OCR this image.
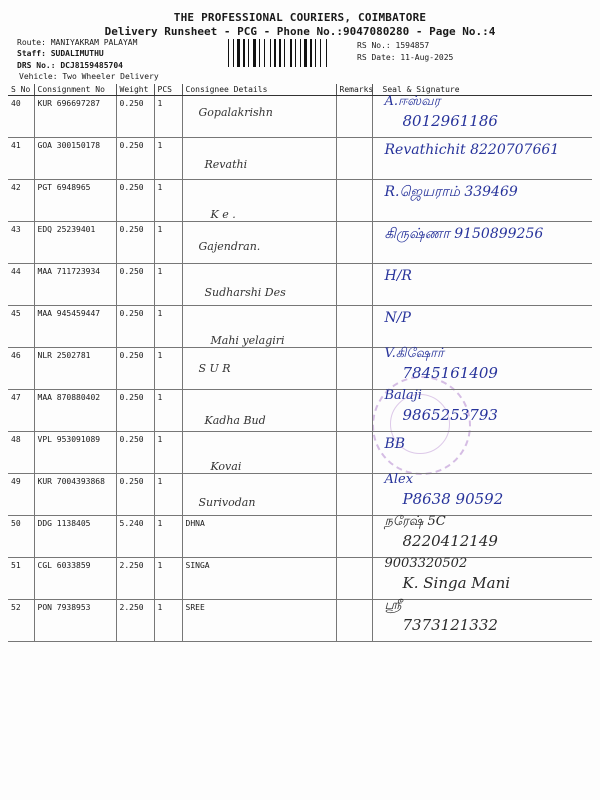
THE PROFESSIONAL COURIERS, COIMBATORE
Delivery Runsheet - PCG - Phone No.:9047080280 - Page No.:4
Route: MANIYAKRAM PALAYAM
Staff: SUDALIMUTHU
DRS No.: DCJ8159485704
Vehicle: Two Wheeler Delivery
RS No.: 1594857
RS Date: 11-Aug-2025
S No	Consignment No	Weight	PCS	Consignee Details	Remarks	Seal & Signature
40	KUR 696697287	0.250	1	Gopalakrishn		A.ஈஸ்வர
8012961186

41	GOA 300150178	0.250	1	Revathi		Revathichit 8220707661

42	PGT 6948965	0.250	1	K e .		R.ஜெயராம் 339469

43	EDQ 25239401	0.250	1	Gajendran.		கிருஷ்ணா 9150899256

44	MAA 711723934	0.250	1	Sudharshi Des		H/R

45	MAA 945459447	0.250	1	Mahi yelagiri		N/P

46	NLR 2502781	0.250	1	S U R		V.கிஷோர்
7845161409

47	MAA 870880402	0.250	1	Kadha Bud		Balaji
9865253793

48	VPL 953091089	0.250	1	Kovai		BB

49	KUR 7004393868	0.250	1	Surivodan		Alex
P8638 90592

50	DDG 1138405	5.240	1	DHNA		நரேஷ் 5C
8220412149

51	CGL 6033859	2.250	1	SINGA		9003320502
K. Singa Mani

52	PON 7938953	2.250	1	SREE		ஸ்ரீ
7373121332
